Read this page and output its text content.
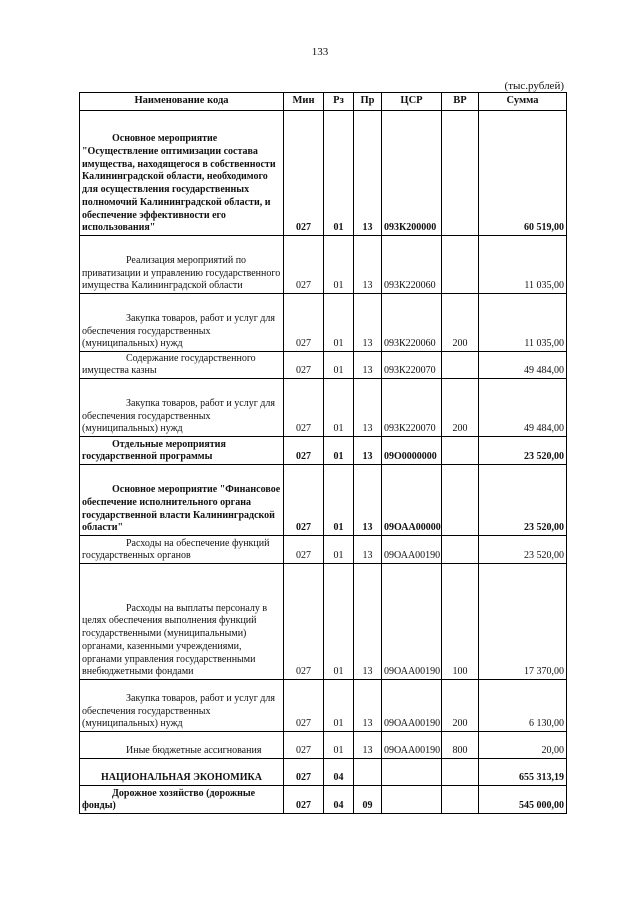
133
(тыс.рублей)
Наименование кода	Мин	Рз	Пр	ЦСР	ВР	Сумма
Основное мероприятие "Осуществление оптимизации состава имущества, находящегося в собственности Калининградской области, необходимого для осуществления государственных полномочий Калининградской области, и обеспечение эффективности его использования"	027	01	13	093К200000		60 519,00
Реализация мероприятий по приватизации и управлению государственного имущества Калининградской области	027	01	13	093К220060		11 035,00
Закупка товаров, работ и услуг для обеспечения государственных (муниципальных) нужд	027	01	13	093К220060	200	11 035,00
Содержание государственного имущества казны	027	01	13	093К220070		49 484,00
Закупка товаров, работ и услуг для обеспечения государственных (муниципальных) нужд	027	01	13	093К220070	200	49 484,00
Отдельные мероприятия государственной программы	027	01	13	09О0000000		23 520,00
Основное мероприятие "Финансовое обеспечение исполнительного органа государственной власти Калининградской области"	027	01	13	09ОАА00000		23 520,00
Расходы на обеспечение функций государственных органов	027	01	13	09ОАА00190		23 520,00
Расходы на выплаты персоналу в целях обеспечения выполнения функций государственными (муниципальными) органами, казенными учреждениями, органами управления государственными внебюджетными фондами	027	01	13	09ОАА00190	100	17 370,00
Закупка товаров, работ и услуг для обеспечения государственных (муниципальных) нужд	027	01	13	09ОАА00190	200	6 130,00
Иные бюджетные ассигнования	027	01	13	09ОАА00190	800	20,00
НАЦИОНАЛЬНАЯ ЭКОНОМИКА	027	04				655 313,19
Дорожное хозяйство (дорожные фонды)	027	04	09			545 000,00
